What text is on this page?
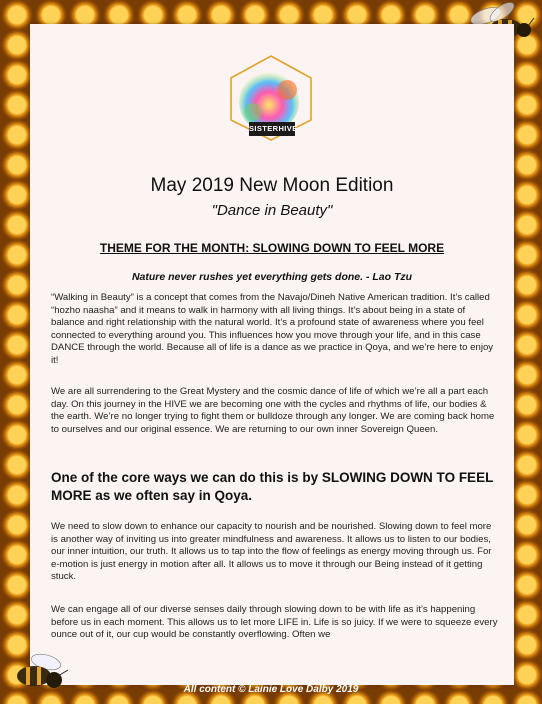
SISTERHIVE
May 2019 New Moon Edition
"Dance in Beauty"
THEME FOR THE MONTH: SLOWING DOWN TO FEEL MORE
Nature never rushes yet everything gets done. - Lao Tzu

“Walking in Beauty” is a concept that comes from the Navajo/Dineh Native American tradition. It’s called “hozho naasha” and it means to walk in harmony with all living things. It’s about being in a state of balance and right relationship with the natural world. It’s a profound state of awareness where you feel connected to everything around you. This influences how you move through your life, and in this case DANCE through the world. Because all of life is a dance as we practice in Qoya, and we’re here to enjoy it!

We are all surrendering to the Great Mystery and the cosmic dance of life of which we’re all a part each day. On this journey in the HIVE we are becoming one with the cycles and rhythms of life, our bodies & the earth. We’re no longer trying to fight them or bulldoze through any longer. We are coming back home to ourselves and our original essence. We are returning to our own inner Sovereign Queen.

One of the core ways we can do this is by SLOWING DOWN TO FEEL MORE as we often say in Qoya.

We need to slow down to enhance our capacity to nourish and be nourished. Slowing down to feel more is another way of inviting us into greater mindfulness and awareness. It allows us to listen to our bodies, our inner intuition, our truth. It allows us to tap into the flow of feelings as energy moving through us. For e-motion is just energy in motion after all. It allows us to move it through our Being instead of it getting stuck.

We can engage all of our diverse senses daily through slowing down to be with life as it’s happening before us in each moment. This allows us to let more LIFE in. Life is so juicy. If we were to squeeze every ounce out of it, our cup would be constantly overflowing. Often we

All content © Lainie Love Dalby 2019
